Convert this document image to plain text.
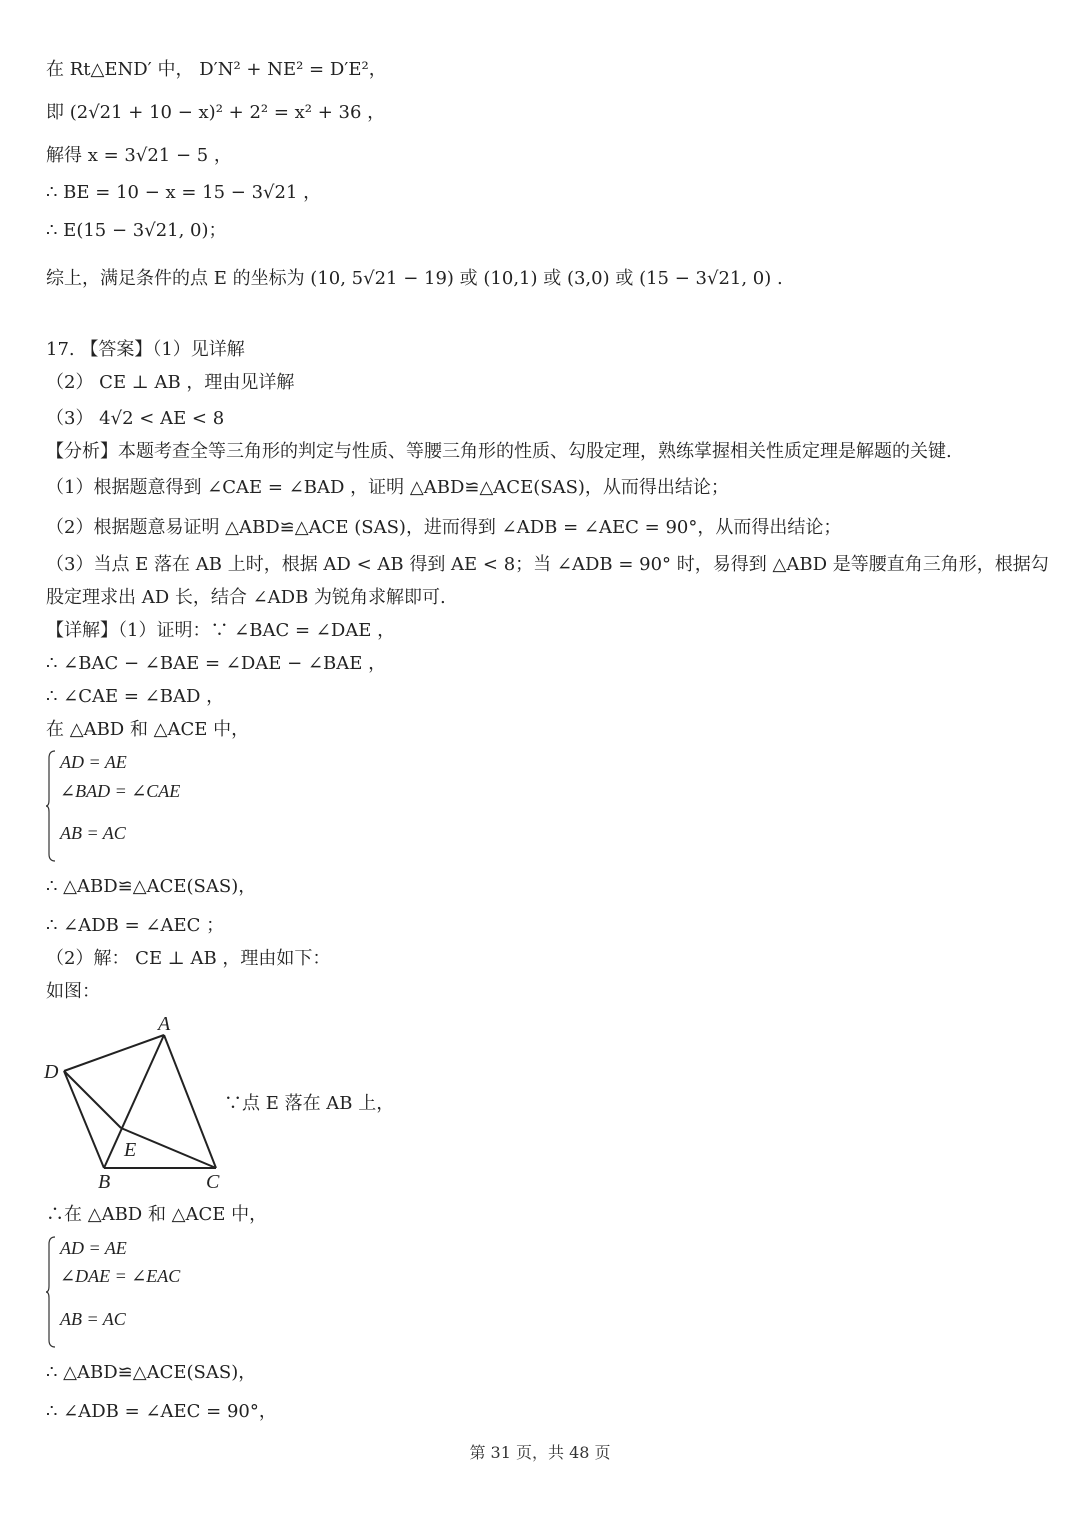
在 Rt△END′ 中， D′N² + NE² = D′E²，
即 (2√21 + 10 − x)² + 2² = x² + 36 ，
解得 x = 3√21 − 5 ，
∴ BE = 10 − x = 15 − 3√21 ，
∴ E(15 − 3√21, 0)；
综上，满足条件的点 E 的坐标为 (10, 5√21 − 19) 或 (10,1) 或 (3,0) 或 (15 − 3√21, 0) .
17. 【答案】（1）见详解
（2） CE ⊥ AB ，理由见详解
（3） 4√2 < AE < 8
【分析】本题考查全等三角形的判定与性质、等腰三角形的性质、勾股定理，熟练掌握相关性质定理是解题的关键.
（1）根据题意得到 ∠CAE = ∠BAD ，证明 △ABD≌△ACE(SAS)，从而得出结论；
（2）根据题意易证明 △ABD≌△ACE (SAS)，进而得到 ∠ADB = ∠AEC = 90°，从而得出结论；
（3）当点 E 落在 AB 上时，根据 AD < AB 得到 AE < 8；当 ∠ADB = 90° 时，易得到 △ABD 是等腰直角三角形，根据勾
股定理求出 AD 长，结合 ∠ADB 为锐角求解即可.
【详解】（1）证明：∵ ∠BAC = ∠DAE ，
∴ ∠BAC − ∠BAE = ∠DAE − ∠BAE ，
∴ ∠CAE = ∠BAD ，
在 △ABD 和 △ACE 中，
AD = AE
∠BAD = ∠CAE
AB = AC
∴ △ABD≌△ACE(SAS)，
∴ ∠ADB = ∠AEC ；
（2）解： CE ⊥ AB ，理由如下：
如图：
A
D
E
B	C
∵点 E 落在 AB 上，
∴在 △ABD 和 △ACE 中，
AD = AE
∠DAE = ∠EAC
AB = AC
∴ △ABD≌△ACE(SAS)，
∴ ∠ADB = ∠AEC = 90°，
第 31 页，共 48 页
